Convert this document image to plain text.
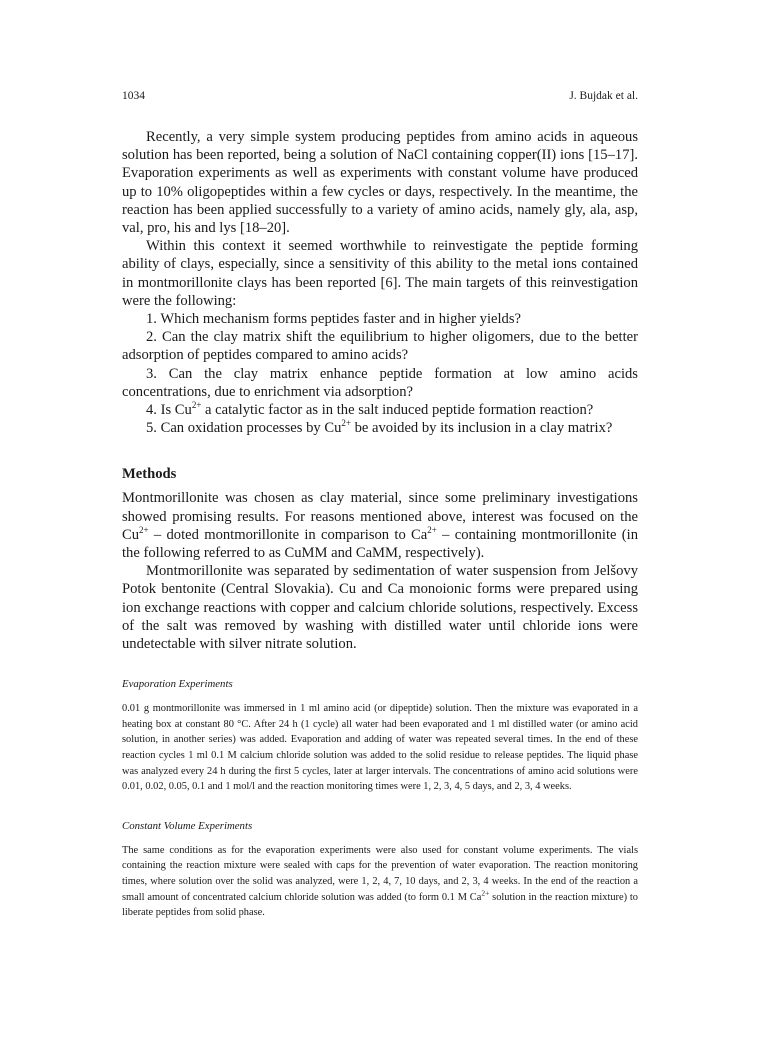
1034	J. Bujdak et al.

Recently, a very simple system producing peptides from amino acids in aqueous solution has been reported, being a solution of NaCl containing copper(II) ions [15–17]. Evaporation experiments as well as experiments with constant volume have produced up to 10% oligopeptides within a few cycles or days, respectively. In the meantime, the reaction has been applied successfully to a variety of amino acids, namely gly, ala, asp, val, pro, his and lys [18–20].

Within this context it seemed worthwhile to reinvestigate the peptide forming ability of clays, especially, since a sensitivity of this ability to the metal ions contained in montmorillonite clays has been reported [6]. The main targets of this reinvestigation were the following:

1. Which mechanism forms peptides faster and in higher yields?
2. Can the clay matrix shift the equilibrium to higher oligomers, due to the better adsorption of peptides compared to amino acids?
3. Can the clay matrix enhance peptide formation at low amino acids concentrations, due to enrichment via adsorption?
4. Is $Cu^{2+}$ a catalytic factor as in the salt induced peptide formation reaction?
5. Can oxidation processes by $Cu^{2+}$ be avoided by its inclusion in a clay matrix?
Methods

Montmorillonite was chosen as clay material, since some preliminary investigations showed promising results. For reasons mentioned above, interest was focused on the $Cu^{2+}$ – doted montmorillonite in comparison to $Ca^{2+}$ – containing montmorillonite (in the following referred to as CuMM and CaMM, respectively).

Montmorillonite was separated by sedimentation of water suspension from Jelšovy Potok bentonite (Central Slovakia). Cu and Ca monoionic forms were prepared using ion exchange reactions with copper and calcium chloride solutions, respectively. Excess of the salt was removed by washing with distilled water until chloride ions were undetectable with silver nitrate solution.

Evaporation Experiments

0.01 g montmorillonite was immersed in 1 ml amino acid (or dipeptide) solution. Then the mixture was evaporated in a heating box at constant 80 °C. After 24 h (1 cycle) all water had been evaporated and 1 ml distilled water (or amino acid solution, in another series) was added. Evaporation and adding of water was repeated several times. In the end of these reaction cycles 1 ml 0.1 M calcium chloride solution was added to the solid residue to release peptides. The liquid phase was analyzed every 24 h during the first 5 cycles, later at larger intervals. The concentrations of amino acid solutions were 0.01, 0.02, 0.05, 0.1 and 1 mol/l and the reaction monitoring times were 1, 2, 3, 4, 5 days, and 2, 3, 4 weeks.

Constant Volume Experiments

The same conditions as for the evaporation experiments were also used for constant volume experiments. The vials containing the reaction mixture were sealed with caps for the prevention of water evaporation. The reaction monitoring times, where solution over the solid was analyzed, were 1, 2, 4, 7, 10 days, and 2, 3, 4 weeks. In the end of the reaction a small amount of concentrated calcium chloride solution was added (to form 0.1 M $Ca^{2+}$ solution in the reaction mixture) to liberate peptides from solid phase.
